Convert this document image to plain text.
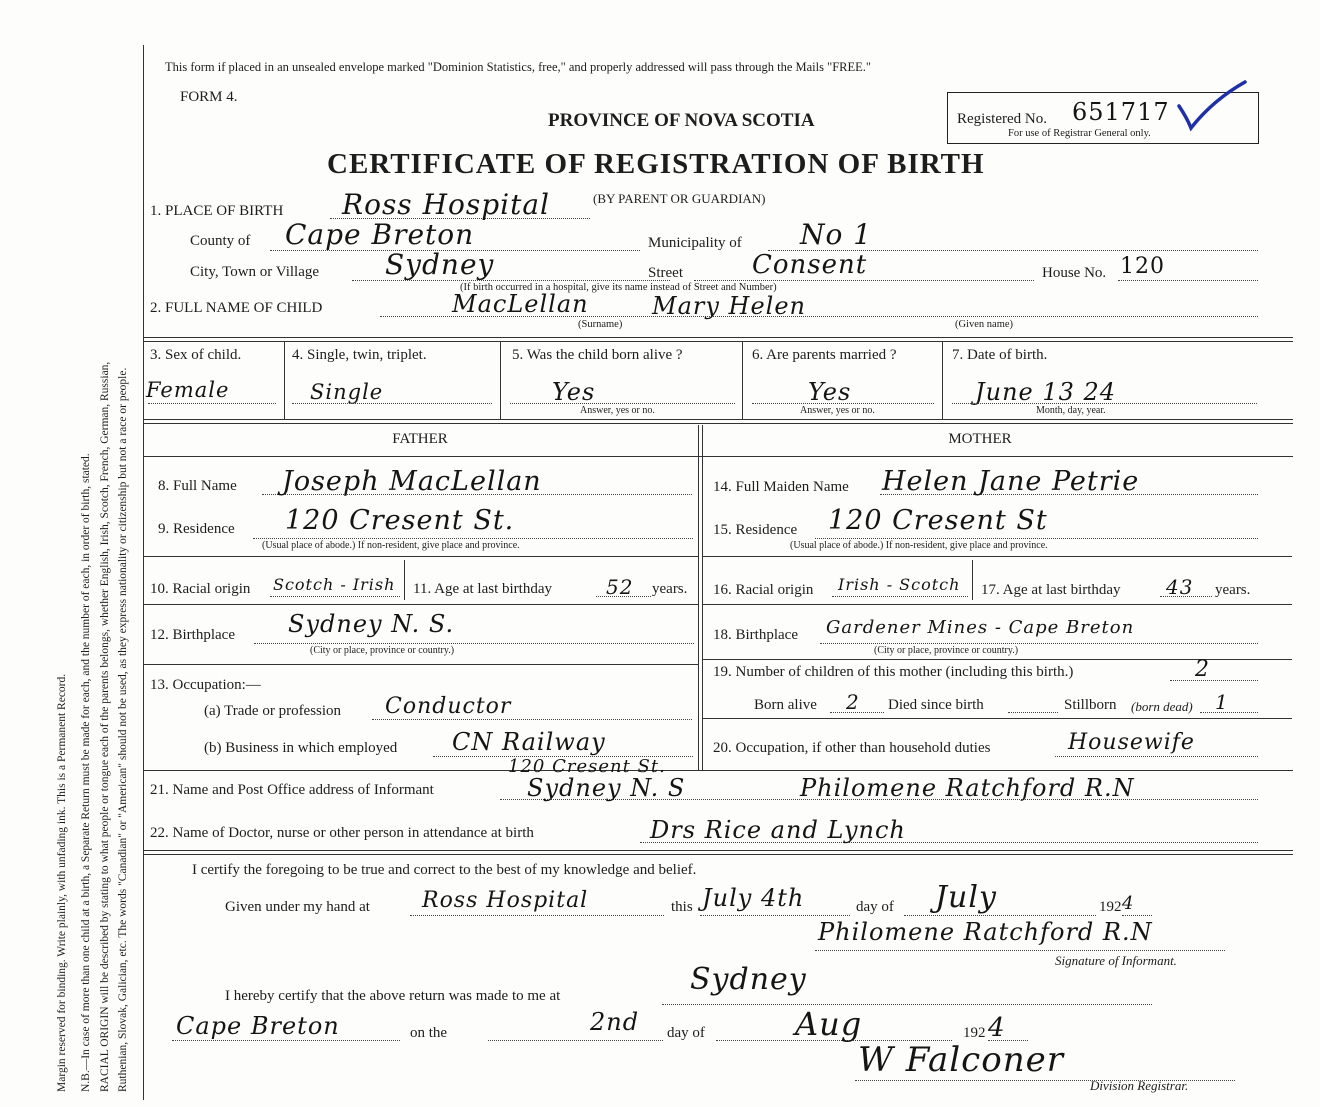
Margin reserved for binding. Write plainly, with unfading ink. This is a Permanent Record. N.B.—In case of more than one child at a birth, a Separate Return must be made for each, and the number of each, in order of birth, stated. RACIAL ORIGIN will be described by stating to what people or tongue each of the parents belongs, whether English, Irish, Scotch, French, German, Russian, Ruthenian, Slovak, Galician, etc. The words "Canadian" or "American" should not be used, as they express nationality or citizenship but not a race or people.
This form if placed in an unsealed envelope marked "Dominion Statistics, free," and properly addressed will pass through the Mails "FREE."
FORM 4.
PROVINCE OF NOVA SCOTIA
CERTIFICATE OF REGISTRATION OF BIRTH
(BY PARENT OR GUARDIAN)
Registered No. 651717
For use of Registrar General only.
1. PLACE OF BIRTH Ross Hospital
County of Cape Breton	Municipality of No 1
City, Town or Village Sydney	Street	Consent	House No. 120
(If birth occurred in a hospital, give its name instead of Street and Number)
2. FULL NAME OF CHILD	MacLellan	Mary Helen
(Surname)	(Given name)
3. Sex of child.
Female
4. Single, twin, triplet.
Single
5. Was the child born alive ?
Yes
Answer, yes or no.
6. Are parents married ?
Yes
Answer, yes or no.
7. Date of birth.
June 13 24
Month, day, year.
FATHER	MOTHER
8. Full Name Joseph MacLellan
9. Residence 120 Cresent St.
(Usual place of abode.) If non-resident, give place and province.
10. Racial origin Scotch - Irish 11. Age at last birthday	52 years.
12. Birthplace Sydney N. S.
(City or place, province or country.)
13. Occupation:—
(a) Trade or profession Conductor
(b) Business in which employed CN Railway
14. Full Maiden Name Helen Jane Petrie
15. Residence 120 Cresent St
(Usual place of abode.) If non-resident, give place and province.
16. Racial origin Irish - Scotch 17. Age at last birthday 43 years.
18. Birthplace Gardener Mines - Cape Breton
(City or place, province or country.)
19. Number of children of this mother (including this birth.)	2
Born alive 2 Died since birth	Stillborn (born dead) 1
20. Occupation, if other than household duties	Housewife
21. Name and Post Office address of Informant
120 Cresent St.
Sydney N. S	Philomene Ratchford R.N
22. Name of Doctor, nurse or other person in attendance at birth	Drs Rice and Lynch
I certify the foregoing to be true and correct to the best of my knowledge and belief.
Given under my hand at Ross Hospital	this July 4th	day of July	192 4
Philomene Ratchford R.N
Signature of Informant.
I hereby certify that the above return was made to me at	Sydney
Cape Breton	on the	2nd day of	Aug	192 4
W Falconer
Division Registrar.
